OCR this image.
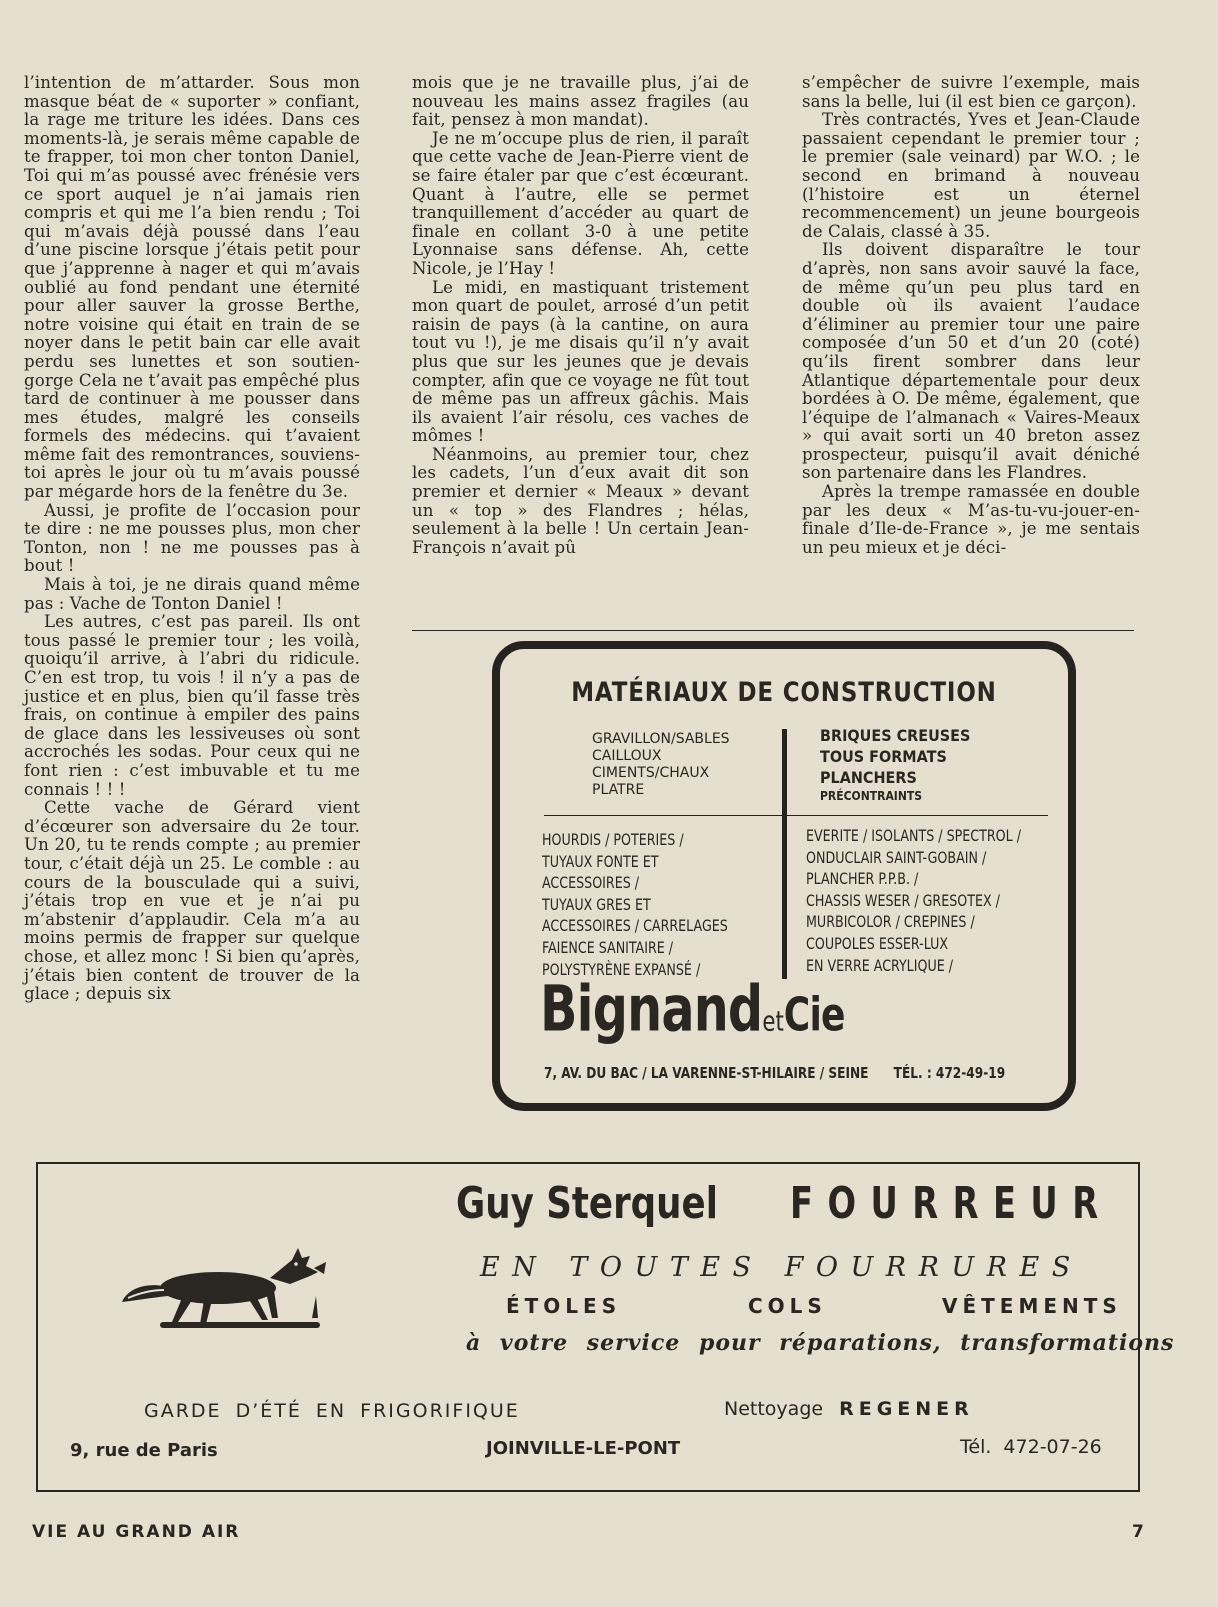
l’intention de m’attarder. Sous mon masque béat de « suporter » confiant, la rage me triture les idées. Dans ces moments-là, je serais même capable de te frapper, toi mon cher tonton Daniel, Toi qui m’as poussé avec frénésie vers ce sport auquel je n’ai jamais rien compris et qui me l’a bien rendu ; Toi qui m’avais déjà poussé dans l’eau d’une piscine lorsque j’étais petit pour que j’apprenne à nager et qui m’avais oublié au fond pendant une éternité pour aller sauver la grosse Berthe, notre voisine qui était en train de se noyer dans le petit bain car elle avait perdu ses lunettes et son soutien-gorge Cela ne t’avait pas empêché plus tard de continuer à me pousser dans mes études, malgré les conseils formels des médecins. qui t’avaient même fait des remontrances, souviens-toi après le jour où tu m’avais poussé par mégarde hors de la fenêtre du 3e.

Aussi, je profite de l’occasion pour te dire : ne me pousses plus, mon cher Tonton, non ! ne me pousses pas à bout !

Mais à toi, je ne dirais quand même pas : Vache de Tonton Daniel !

Les autres, c’est pas pareil. Ils ont tous passé le premier tour ; les voilà, quoiqu’il arrive, à l’abri du ridicule. C’en est trop, tu vois ! il n’y a pas de justice et en plus, bien qu’il fasse très frais, on continue à empiler des pains de glace dans les lessiveuses où sont accrochés les sodas. Pour ceux qui ne font rien : c’est imbuvable et tu me connais ! ! !

Cette vache de Gérard vient d’écœurer son adversaire du 2e tour. Un 20, tu te rends compte ; au premier tour, c’était déjà un 25. Le comble : au cours de la bousculade qui a suivi, j’étais trop en vue et je n’ai pu m’abstenir d’applaudir. Cela m’a au moins permis de frapper sur quelque chose, et allez monc ! Si bien qu’après, j’étais bien content de trouver de la glace ; depuis six

mois que je ne travaille plus, j’ai de nouveau les mains assez fragiles (au fait, pensez à mon mandat).

Je ne m’occupe plus de rien, il paraît que cette vache de Jean-Pierre vient de se faire étaler par que c’est écœurant. Quant à l’autre, elle se permet tranquillement d’accéder au quart de finale en collant 3-0 à une petite Lyonnaise sans défense. Ah, cette Nicole, je l’Hay !

Le midi, en mastiquant tristement mon quart de poulet, arrosé d’un petit raisin de pays (à la cantine, on aura tout vu !), je me disais qu’il n’y avait plus que sur les jeunes que je devais compter, afin que ce voyage ne fût tout de même pas un affreux gâchis. Mais ils avaient l’air résolu, ces vaches de mômes !

Néanmoins, au premier tour, chez les cadets, l’un d’eux avait dit son premier et dernier « Meaux » devant un « top » des Flandres ; hélas, seulement à la belle ! Un certain Jean-François n’avait pû

s’empêcher de suivre l’exemple, mais sans la belle, lui (il est bien ce garçon).

Très contractés, Yves et Jean-Claude passaient cependant le premier tour ; le premier (sale veinard) par W.O. ; le second en brimand à nouveau (l’histoire est un éternel recommencement) un jeune bourgeois de Calais, classé à 35.

Ils doivent disparaître le tour d’après, non sans avoir sauvé la face, de même qu’un peu plus tard en double où ils avaient l’audace d’éliminer au premier tour une paire composée d’un 50 et d’un 20 (coté) qu’ils firent sombrer dans leur Atlantique départementale pour deux bordées à O. De même, également, que l’équipe de l’almanach « Vaires-Meaux » qui avait sorti un 40 breton assez prospecteur, puisqu’il avait déniché son partenaire dans les Flandres.

Après la trempe ramassée en double par les deux « M’as-tu-vu-jouer-en-finale d’Ile-de-France », je me sentais un peu mieux et je déci-

MATÉRIAUX DE CONSTRUCTION
GRAVILLON/SABLES
CAILLOUX
CIMENTS/CHAUX
PLATRE
BRIQUES CREUSES
TOUS FORMATS
PLANCHERS
PRÉCONTRAINTS
HOURDIS / POTERIES /
TUYAUX FONTE ET
ACCESSOIRES /
TUYAUX GRES ET
ACCESSOIRES / CARRELAGES
FAIENCE SANITAIRE /
POLYSTYRÈNE EXPANSÉ /
EVERITE / ISOLANTS / SPECTROL /
ONDUCLAIR SAINT-GOBAIN /
PLANCHER P.P.B. /
CHASSIS WESER / GRESOTEX /
MURBICOLOR / CREPINES /
COUPOLES ESSER-LUX
EN VERRE ACRYLIQUE /
BignandetCie
7, AV. DU BAC / LA VARENNE-ST-HILAIRE / SEINE TÉL. : 472-49-19
Guy Sterquel FOURREUR
EN TOUTES FOURRURES
ÉTOLES	COLS	VÊTEMENTS
à votre service pour réparations, transformations
GARDE D’ÉTÉ EN FRIGORIFIQUE	Nettoyage REGENER
9, rue de Paris	JOINVILLE-LE-PONT	Tél. 472-07-26
VIE AU GRAND AIR	7
